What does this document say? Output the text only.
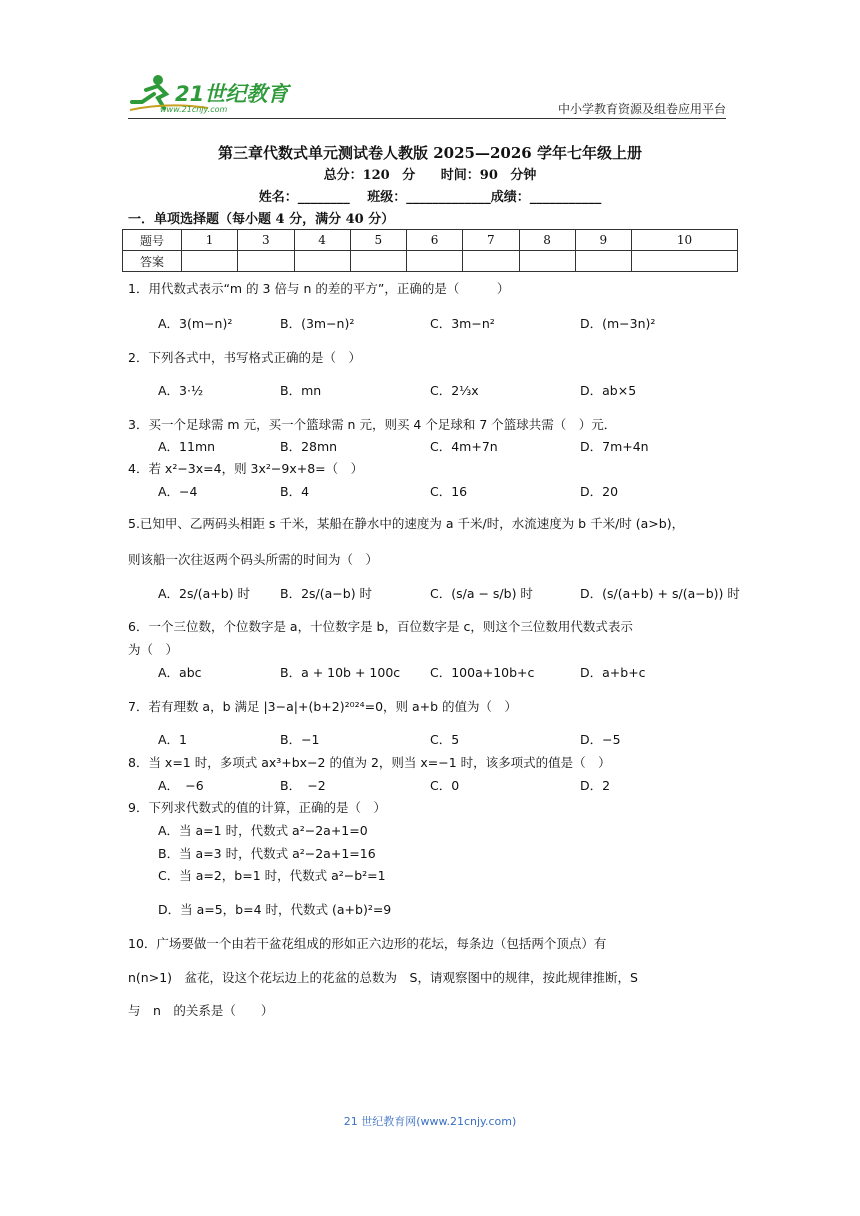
21世纪教育
www.21cnjy.com	中小学教育资源及组卷应用平台
第三章代数式单元测试卷人教版 2025—2026 学年七年级上册
总分：120 分　 时间：90 分钟
姓名：________　 班级：_____________成绩：___________
一．单项选择题（每小题 4 分，满分 40 分）
题号	1	3	4	5	6	7	8	9	10
答案									
1．用代数式表示“m 的 3 倍与 n 的差的平方”，正确的是（　　　）
A．3(m−n)²	B．(3m−n)²	C．3m−n²	D．(m−3n)²
2．下列各式中，书写格式正确的是（　）
A．3·½	B．mn	C．2⅓x	D．ab×5
3．买一个足球需 m 元，买一个篮球需 n 元，则买 4 个足球和 7 个篮球共需（　）元．
A．11mn	B．28mn	C．4m+7n	D．7m+4n
4．若 x²−3x=4，则 3x²−9x+8=（　）
A．−4	B．4	C．16	D．20
5.已知甲、乙两码头相距 s 千米，某船在静水中的速度为 a 千米/时，水流速度为 b 千米/时 (a>b)，
则该船一次往返两个码头所需的时间为（　）
A．2s/(a+b) 时 B．2s/(a−b) 时	C．(s/a − s/b) 时	D．(s/(a+b) + s/(a−b)) 时
6．一个三位数，个位数字是 a，十位数字是 b，百位数字是 c，则这个三位数用代数式表示
为（　）
A．abc	B．a + 10b + 100c C．100a+10b+c	D．a+b+c
7．若有理数 a，b 满足 |3−a|+(b+2)²⁰²⁴=0，则 a+b 的值为（　）
A．1	B．−1	C．5	D．−5
8．当 x=1 时，多项式 ax³+bx−2 的值为 2，则当 x=−1 时，该多项式的值是（　）
A．　−6	B．　−2	C．0	D．2
9．下列求代数式的值的计算，正确的是（　）
A．当 a=1 时，代数式 a²−2a+1=0
B．当 a=3 时，代数式 a²−2a+1=16
C．当 a=2，b=1 时，代数式 a²−b²=1
D．当 a=5，b=4 时，代数式 (a+b)²=9
10．广场要做一个由若干盆花组成的形如正六边形的花坛，每条边（包括两个顶点）有
n(n>1)　盆花，设这个花坛边上的花盆的总数为　S，请观察图中的规律，按此规律推断，S
与　n　的关系是（　　）
21 世纪教育网(www.21cnjy.com)
